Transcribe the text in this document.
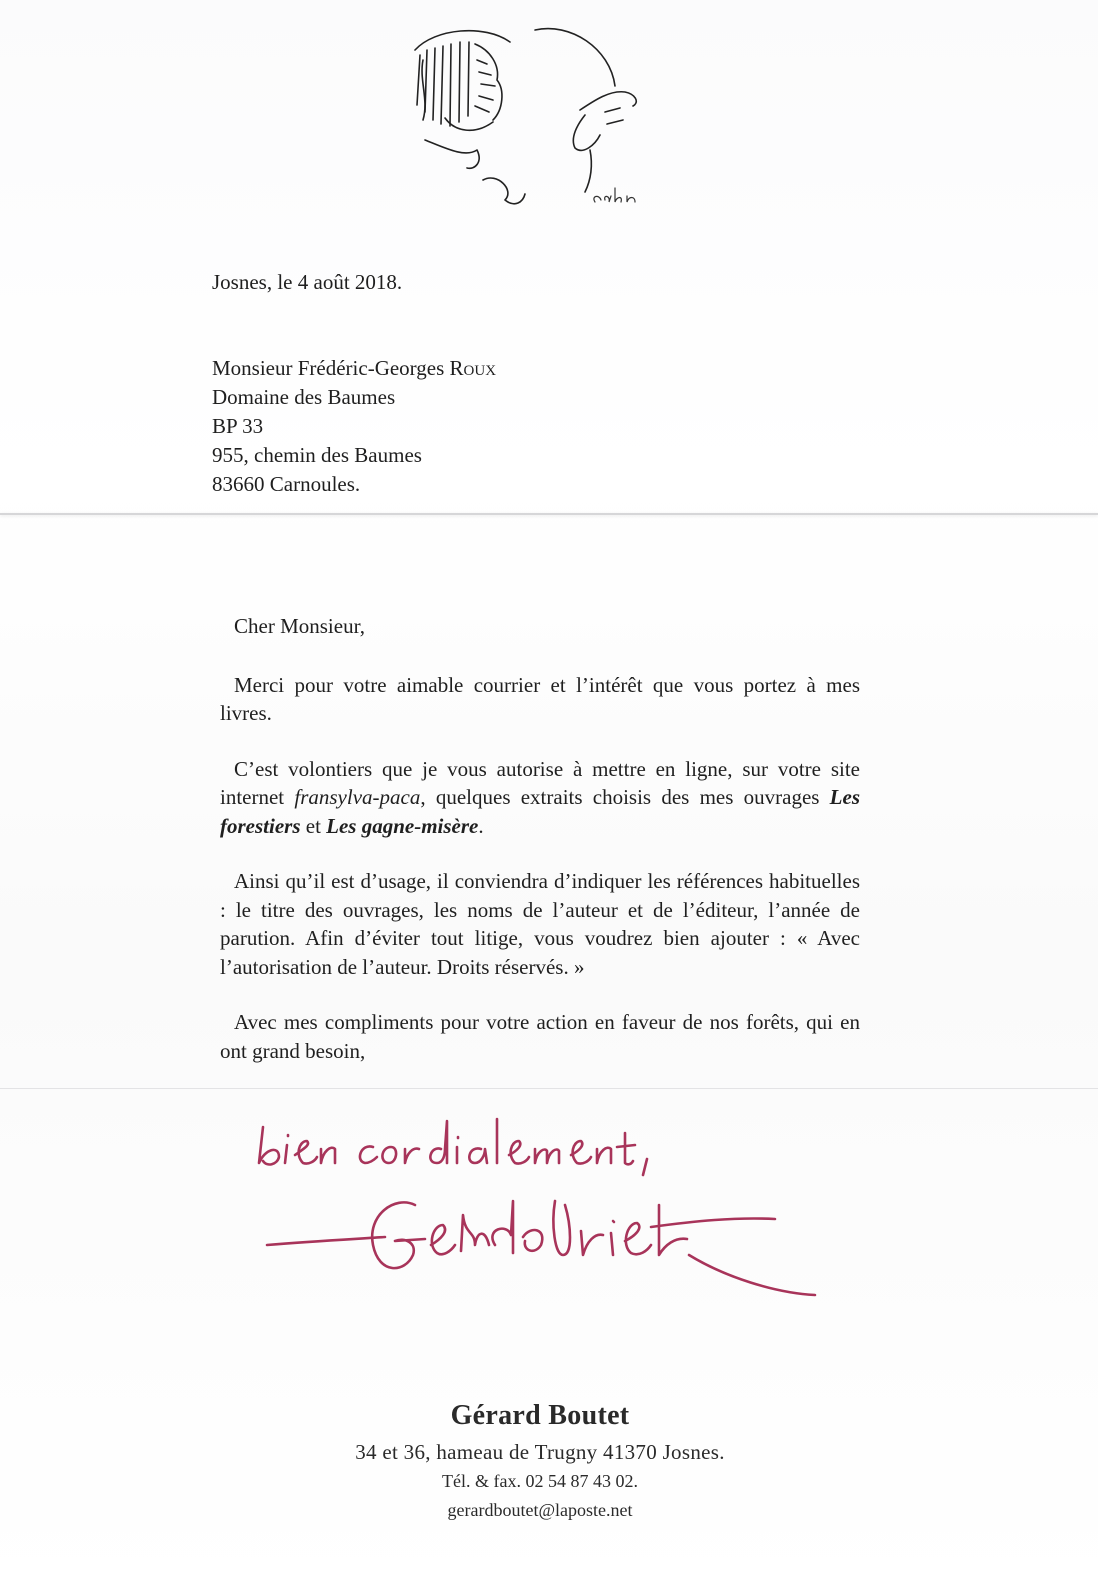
Josnes, le 4 août 2018.
Monsieur Frédéric-Georges Roux
Domaine des Baumes
BP 33
955, chemin des Baumes
83660 Carnoules.

Cher Monsieur,

Merci pour votre aimable courrier et l’intérêt que vous portez à mes livres.

C’est volontiers que je vous autorise à mettre en ligne, sur votre site internet fransylva-paca, quelques extraits choisis des mes ouvrages Les forestiers et Les gagne-misère.

Ainsi qu’il est d’usage, il conviendra d’indiquer les références habituelles : le titre des ouvrages, les noms de l’auteur et de l’éditeur, l’année de parution. Afin d’éviter tout litige, vous voudrez bien ajouter : « Avec l’autorisation de l’auteur. Droits réservés. »

Avec mes compliments pour votre action en faveur de nos forêts, qui en ont grand besoin,

Gérard Boutet
34 et 36, hameau de Trugny 41370 Josnes.
Tél. & fax. 02 54 87 43 02.
gerardboutet@laposte.net
